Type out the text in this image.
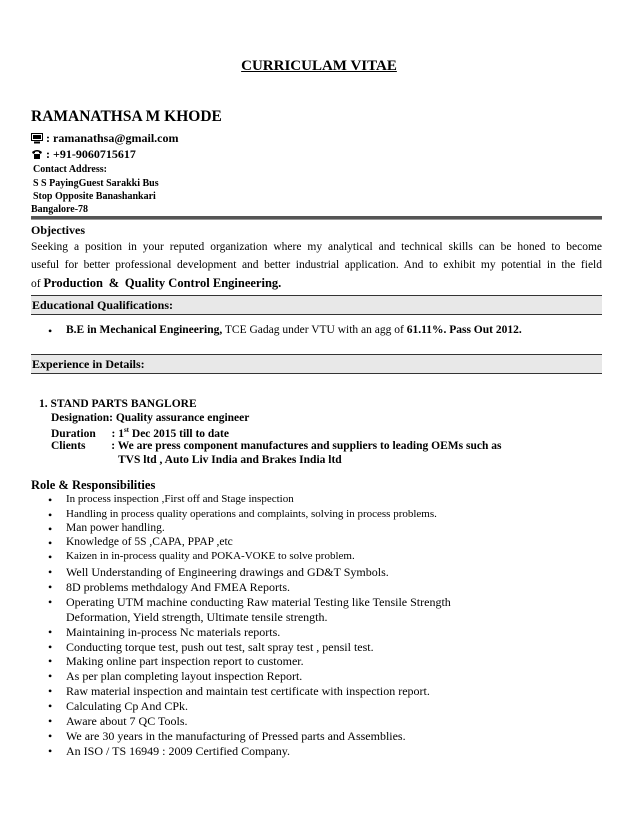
CURRICULAM VITAE
RAMANATHSA M KHODE
: ramanathsa@gmail.com
: +91-9060715617
Contact Address:
S S PayingGuest Sarakki Bus
Stop Opposite Banashankari
Bangalore-78
Objectives
Seeking a position in your reputed organization where my analytical and technical skills can be honed to become
useful for better professional development and better industrial application. And to exhibit my potential in the field
of Production & Quality Control Engineering.
Educational Qualifications:
•	B.E in Mechanical Engineering, TCE Gadag under VTU with an agg of 61.11%. Pass Out 2012.
Experience in Details:
1. STAND PARTS BANGLORE
Designation: Quality assurance engineer
Duration : 1st Dec 2015 till to date
Clients : We are press component manufactures and suppliers to leading OEMs such as
TVS ltd , Auto Liv India and Brakes India ltd
Role & Responsibilities
•	In process inspection ,First off and Stage inspection
•	Handling in process quality operations and complaints, solving in process problems.
•	Man power handling.
•	Knowledge of 5S ,CAPA, PPAP ,etc
•	Kaizen in in-process quality and POKA-VOKE to solve problem.
•	Well Understanding of Engineering drawings and GD&T Symbols.
•	8D problems methdalogy And FMEA Reports.
•	Operating UTM machine conducting Raw material Testing like Tensile Strength
Deformation, Yield strength, Ultimate tensile strength.
•	Maintaining in-process Nc materials reports.
•	Conducting torque test, push out test, salt spray test , pensil test.
•	Making online part inspection report to customer.
•	As per plan completing layout inspection Report.
•	Raw material inspection and maintain test certificate with inspection report.
•	Calculating Cp And CPk.
•	Aware about 7 QC Tools.
•	We are 30 years in the manufacturing of Pressed parts and Assemblies.
•	An ISO / TS 16949 : 2009 Certified Company.
